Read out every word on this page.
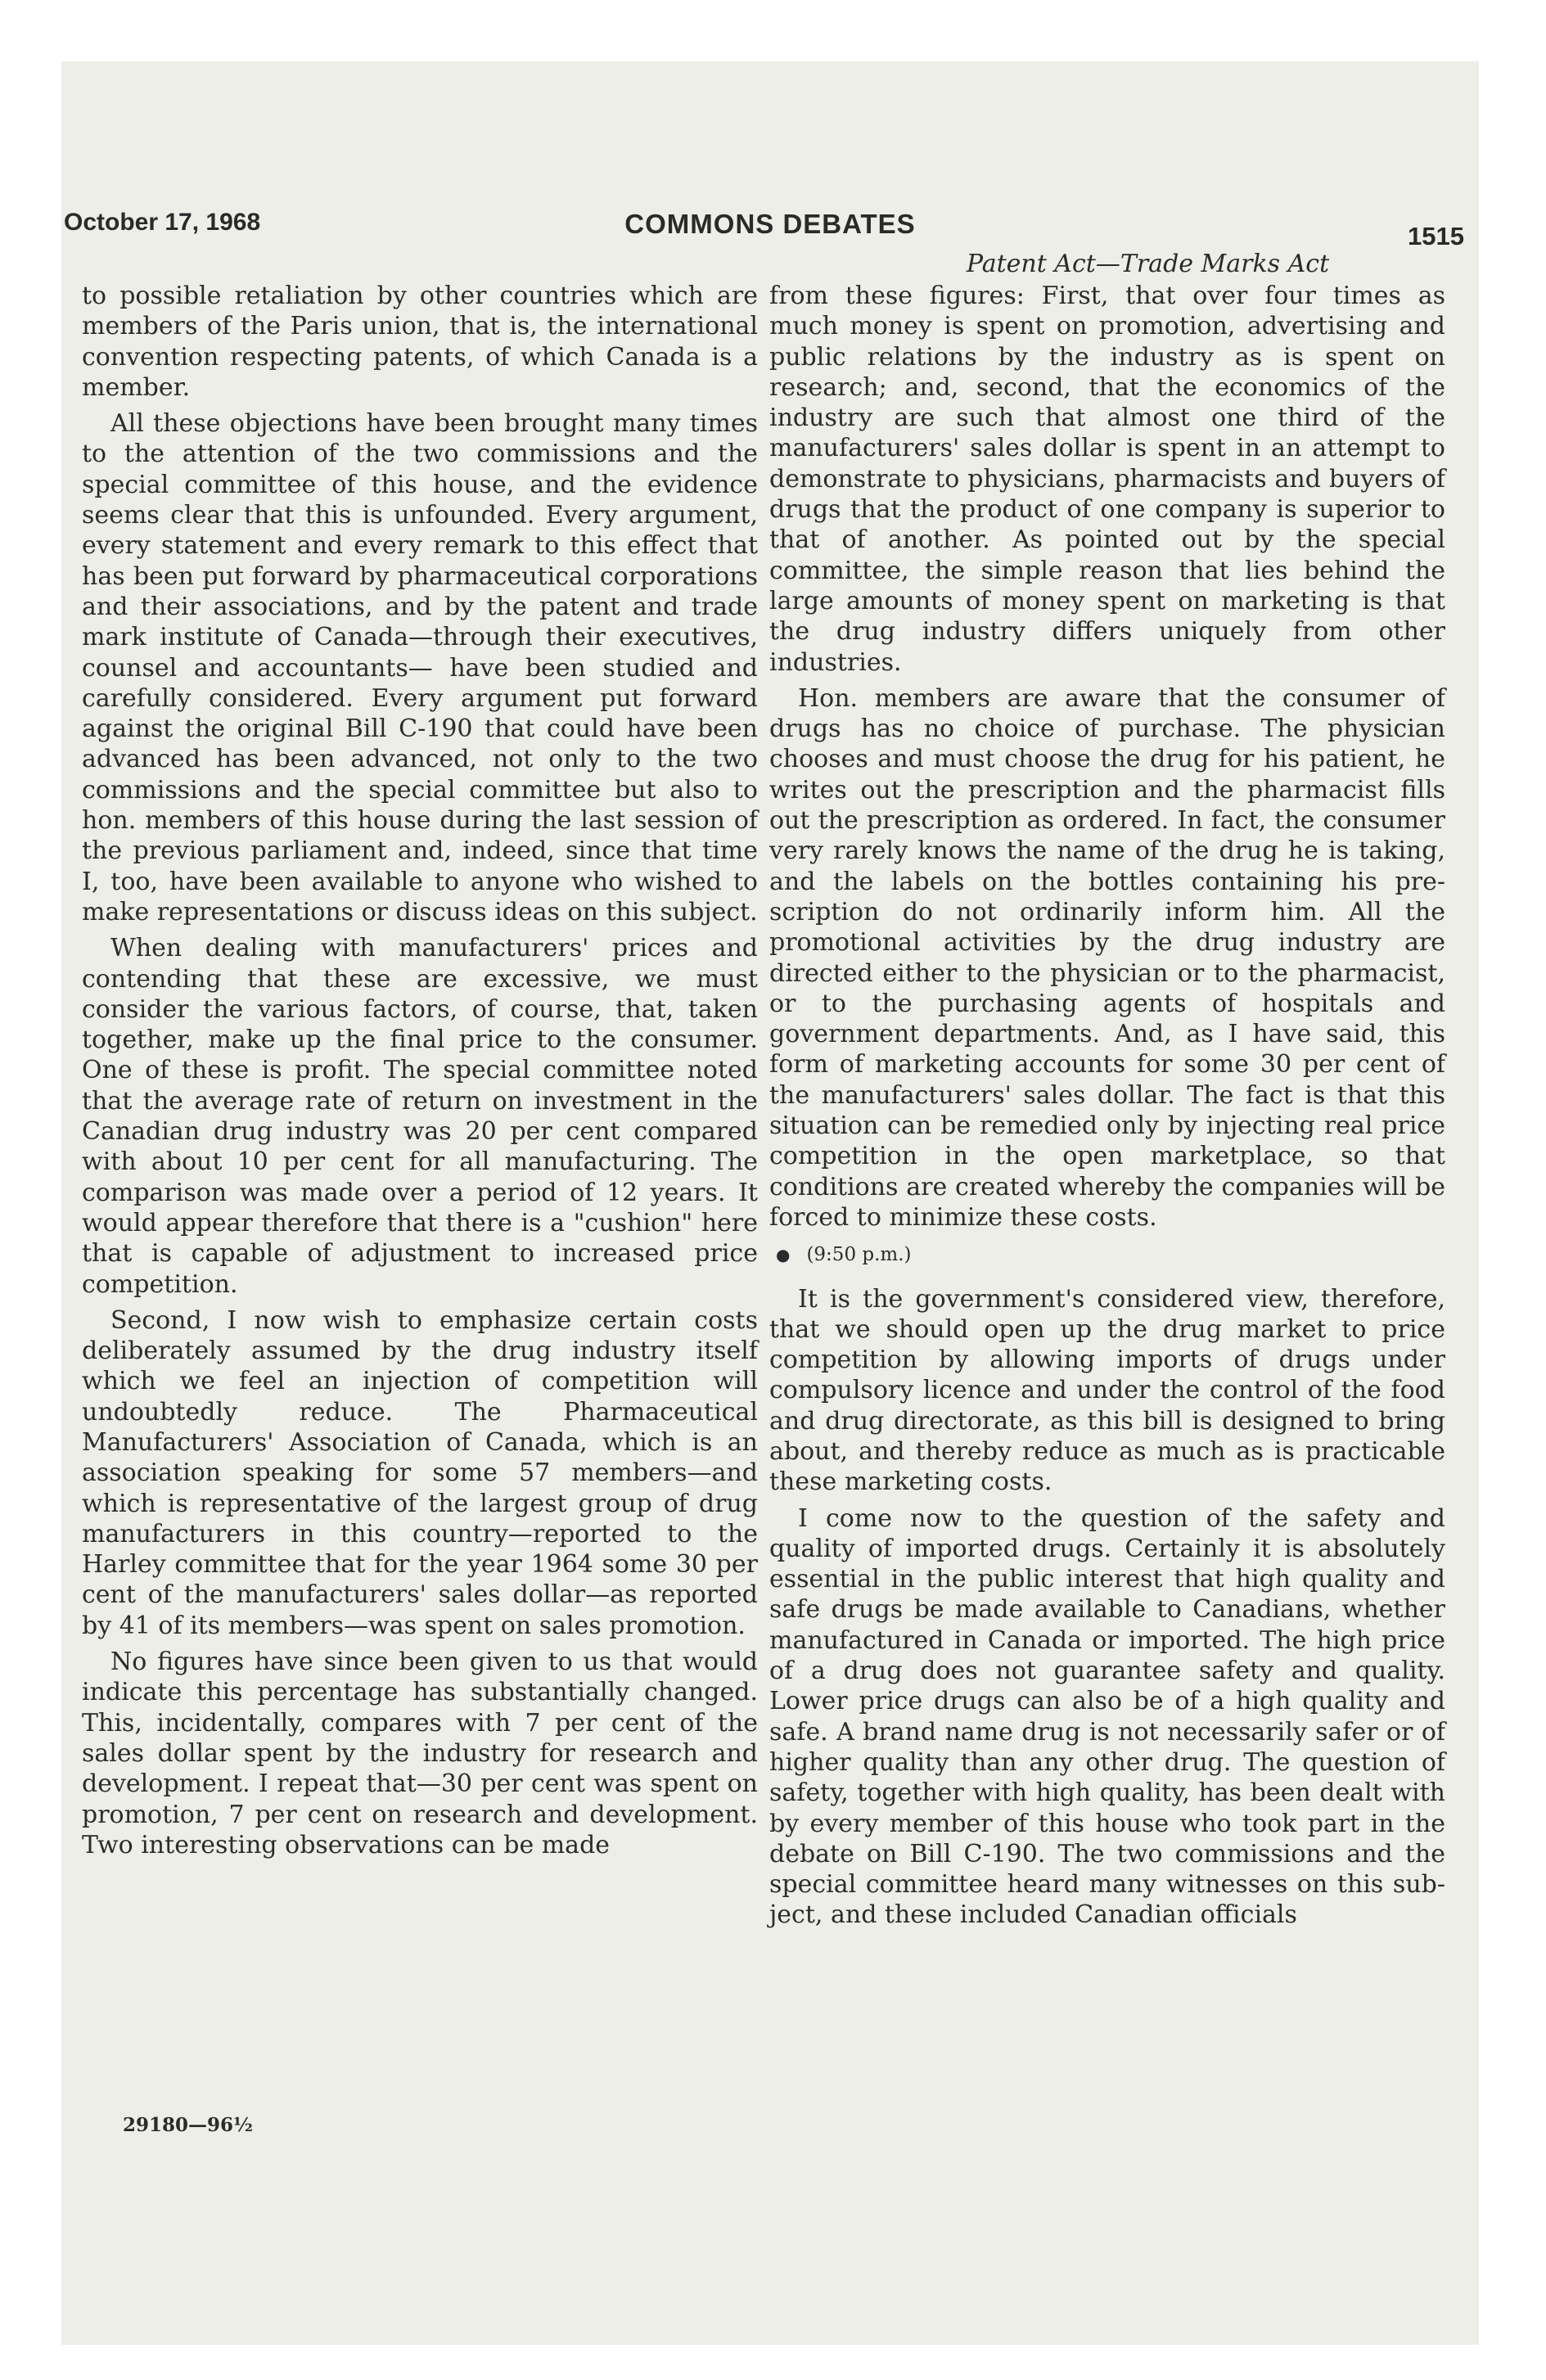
October 17, 1968	COMMONS DEBATES	1515
Patent Act—Trade Marks Act

to possible retaliation by other countries which are members of the Paris union, that is, the international convention respecting patents, of which Canada is a member.

All these objections have been brought many times to the attention of the two commissions and the special committee of this house, and the evidence seems clear that this is unfounded. Every argument, every statement and every remark to this effect that has been put forward by pharmaceutical corporations and their associations, and by the patent and trade mark institute of Canada—through their executives, counsel and accountants— have been studied and carefully considered. Every argument put forward against the original Bill C-190 that could have been advanced has been advanced, not only to the two commissions and the special committee but also to hon. members of this house during the last session of the previous parliament and, indeed, since that time I, too, have been available to anyone who wished to make representations or discuss ideas on this subject.

When dealing with manufacturers' prices and contending that these are excessive, we must consider the various factors, of course, that, taken together, make up the final price to the consumer. One of these is profit. The special committee noted that the average rate of return on investment in the Canadian drug industry was 20 per cent compared with about 10 per cent for all manufacturing. The comparison was made over a period of 12 years. It would appear therefore that there is a "cushion" here that is capable of adjustment to increased price competition.

Second, I now wish to emphasize certain costs deliberately assumed by the drug industry itself which we feel an injection of competition will undoubtedly reduce. The Pharmaceutical Manufacturers' Association of Canada, which is an association speaking for some 57 members—and which is representative of the largest group of drug manufacturers in this country—reported to the Harley committee that for the year 1964 some 30 per cent of the manufacturers' sales dollar—as reported by 41 of its members—was spent on sales promotion.

No figures have since been given to us that would indicate this percentage has substantially changed. This, incidentally, compares with 7 per cent of the sales dollar spent by the industry for research and development. I repeat that—30 per cent was spent on promotion, 7 per cent on research and development. Two interesting observations can be made

from these figures: First, that over four times as much money is spent on promotion, advertising and public relations by the industry as is spent on research; and, second, that the economics of the industry are such that almost one third of the manufacturers' sales dollar is spent in an attempt to demonstrate to physicians, pharmacists and buyers of drugs that the product of one company is superior to that of another. As pointed out by the special committee, the simple reason that lies behind the large amounts of money spent on marketing is that the drug industry differs uniquely from other industries.

Hon. members are aware that the consumer of drugs has no choice of purchase. The physician chooses and must choose the drug for his patient, he writes out the prescription and the pharmacist fills out the prescription as ordered. In fact, the consumer very rarely knows the name of the drug he is taking, and the labels on the bottles containing his prescription do not ordinarily inform him. All the promotional activities by the drug industry are directed either to the physician or to the pharmacist, or to the purchasing agents of hospitals and government departments. And, as I have said, this form of marketing accounts for some 30 per cent of the manufacturers' sales dollar. The fact is that this situation can be remedied only by injecting real price competition in the open marketplace, so that conditions are created whereby the companies will be forced to minimize these costs.

● (9:50 p.m.)

It is the government's considered view, therefore, that we should open up the drug market to price competition by allowing imports of drugs under compulsory licence and under the control of the food and drug directorate, as this bill is designed to bring about, and thereby reduce as much as is practicable these marketing costs.

I come now to the question of the safety and quality of imported drugs. Certainly it is absolutely essential in the public interest that high quality and safe drugs be made available to Canadians, whether manufactured in Canada or imported. The high price of a drug does not guarantee safety and quality. Lower price drugs can also be of a high quality and safe. A brand name drug is not necessarily safer or of higher quality than any other drug. The question of safety, together with high quality, has been dealt with by every member of this house who took part in the debate on Bill C-190. The two commissions and the special committee heard many witnesses on this subject, and these included Canadian officials

29180—96½
